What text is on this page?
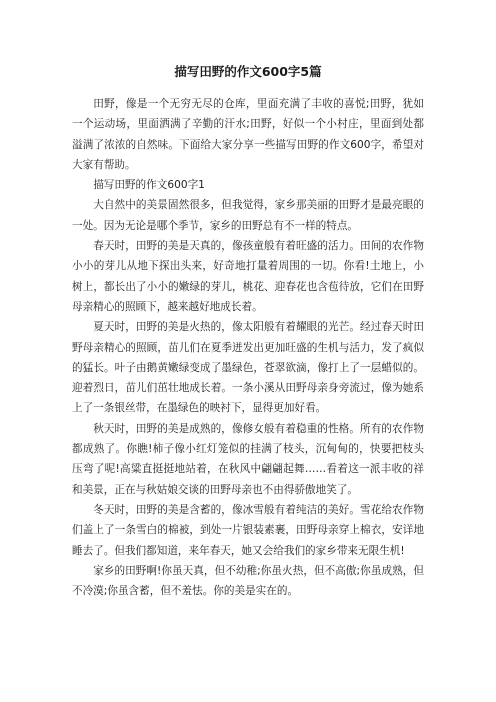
描写田野的作文600字5篇

田野，像是一个无穷无尽的仓库，里面充满了丰收的喜悦;田野，犹如一个运动场，里面洒满了辛勤的汗水;田野，好似一个小村庄，里面到处都溢满了浓浓的自然味。下面给大家分享一些描写田野的作文600字，希望对大家有帮助。

描写田野的作文600字1

大自然中的美景固然很多，但我觉得，家乡那美丽的田野才是最亮眼的一处。因为无论是哪个季节，家乡的田野总有不一样的特点。

春天时，田野的美是天真的，像孩童般有着旺盛的活力。田间的农作物小小的芽儿从地下探出头来，好奇地打量着周围的一切。你看!土地上，小树上，都长出了小小的嫩绿的芽儿，桃花、迎春花也含苞待放，它们在田野母亲精心的照顾下，越来越好地成长着。

夏天时，田野的美是火热的，像太阳般有着耀眼的光芒。经过春天时田野母亲精心的照顾，苗儿们在夏季迸发出更加旺盛的生机与活力，发了疯似的猛长。叶子由鹅黄嫩绿变成了墨绿色，苍翠欲滴，像打上了一层蜡似的。迎着烈日，苗儿们茁壮地成长着。一条小溪从田野母亲身旁流过，像为她系上了一条银丝带，在墨绿色的映衬下，显得更加好看。

秋天时，田野的美是成熟的，像修女般有着稳重的性格。所有的农作物都成熟了。你瞧!柿子像小红灯笼似的挂满了枝头，沉甸甸的，快要把枝头压弯了呢!高粱直挺挺地站着，在秋风中翩翩起舞……看着这一派丰收的祥和美景，正在与秋姑娘交谈的田野母亲也不由得骄傲地笑了。

冬天时，田野的美是含蓄的，像冰雪般有着纯洁的美好。雪花给农作物们盖上了一条雪白的棉被，到处一片银装素裹，田野母亲穿上棉衣，安详地睡去了。但我们都知道，来年春天，她又会给我们的家乡带来无限生机!

家乡的田野啊!你虽天真，但不幼稚;你虽火热，但不高傲;你虽成熟，但不冷漠;你虽含蓄，但不羞怯。你的美是实在的。
